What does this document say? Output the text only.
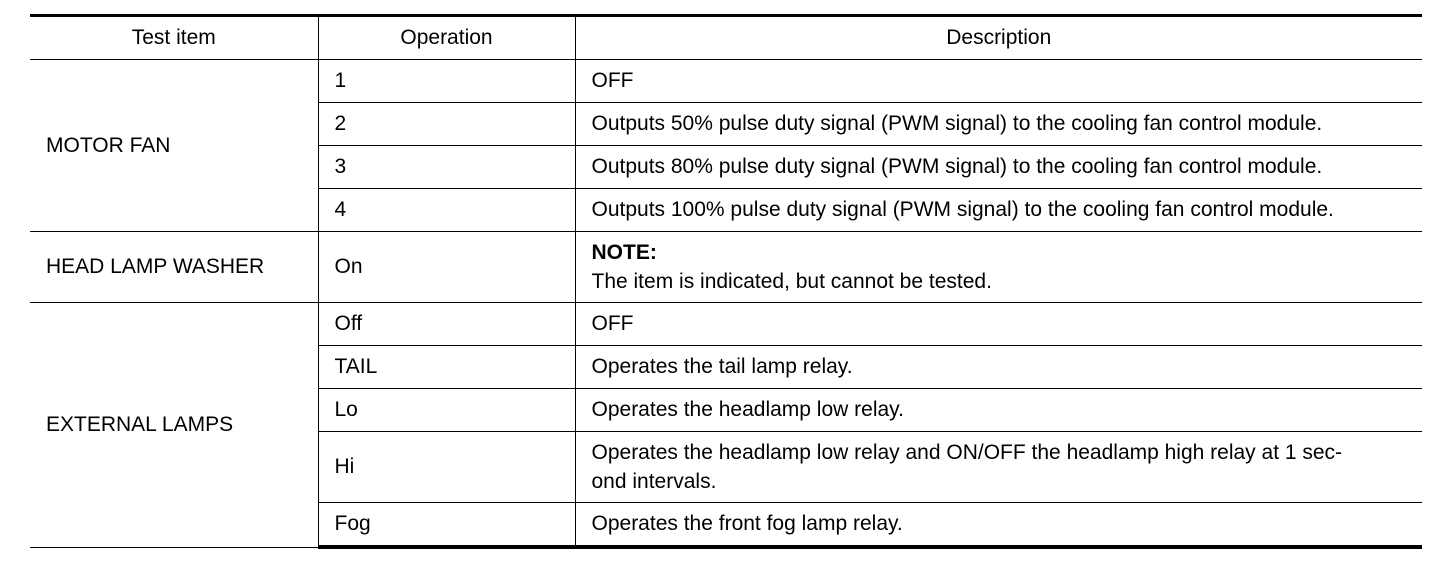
Test item	Operation	Description
MOTOR FAN	1	OFF
	2	Outputs 50% pulse duty signal (PWM signal) to the cooling fan control module.
	3	Outputs 80% pulse duty signal (PWM signal) to the cooling fan control module.
	4	Outputs 100% pulse duty signal (PWM signal) to the cooling fan control module.
HEAD LAMP WASHER	On	NOTE:
The item is indicated, but cannot be tested.

EXTERNAL LAMPS	Off	OFF
	TAIL	Operates the tail lamp relay.
	Lo	Operates the headlamp low relay.
	Hi	Operates the headlamp low relay and ON/OFF the headlamp high relay at 1 sec-
ond intervals.

	Fog	Operates the front fog lamp relay.
